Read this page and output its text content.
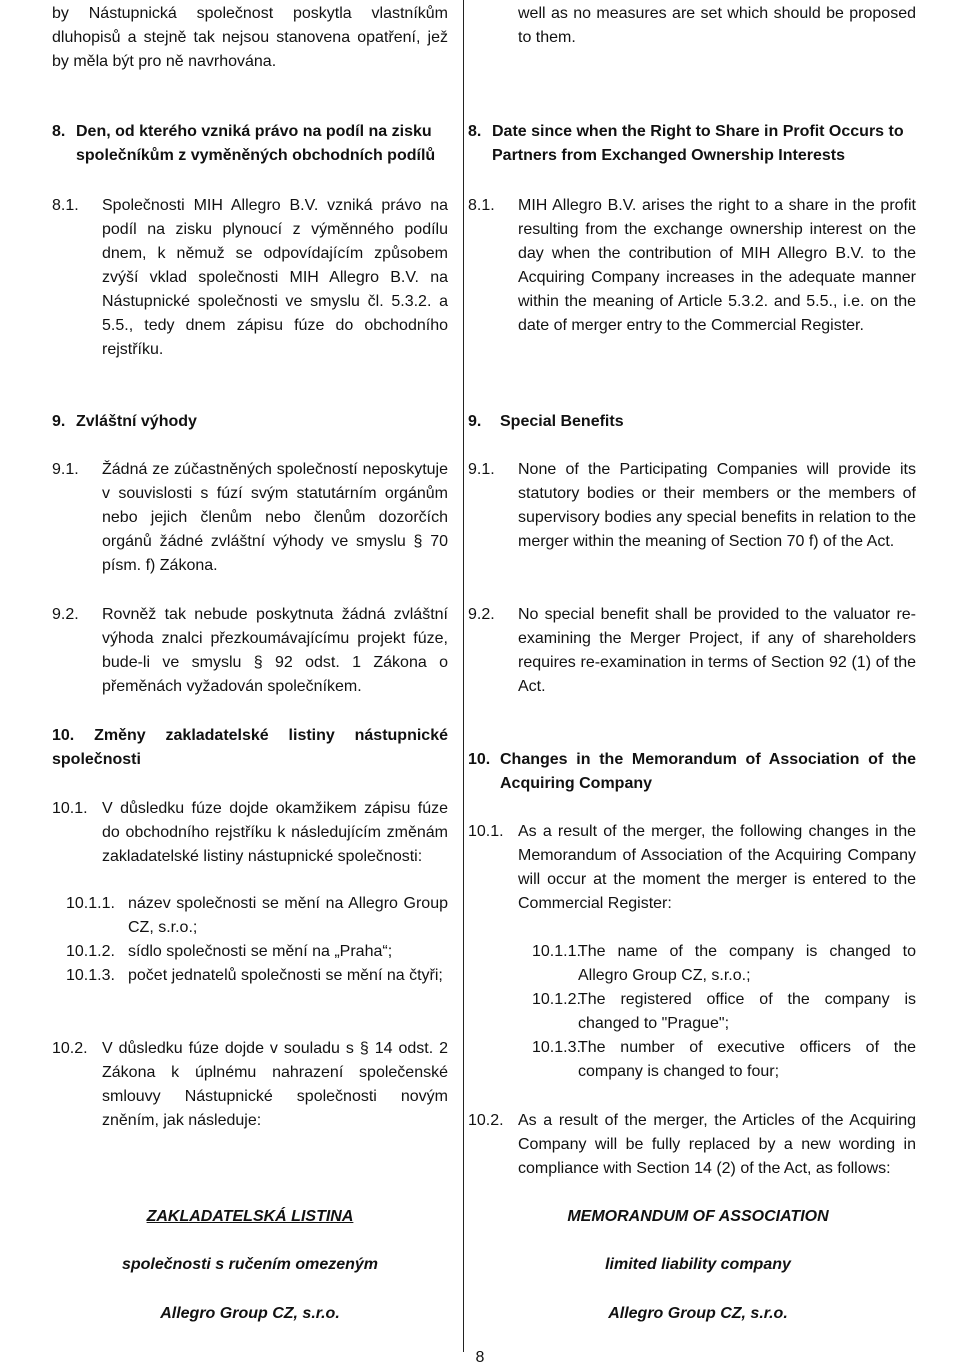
by Nástupnická společnost poskytla vlastníkům dluhopisů a stejně tak nejsou stanovena opatření, jež by měla být pro ně navrhována.

8. Den, od kterého vzniká právo na podíl na zisku společníkům z vyměněných obchodních podílů
8.1.	Společnosti MIH Allegro B.V. vzniká právo na podíl na zisku plynoucí z výměnného podílu dnem, k němuž se odpovídajícím způsobem zvýší vklad společnosti MIH Allegro B.V. na Nástupnické společnosti ve smyslu čl. 5.3.2. a 5.5., tedy dnem zápisu fúze do obchodního rejstříku.
9. Zvláštní výhody
9.1.	Žádná ze zúčastněných společností neposkytuje v souvislosti s fúzí svým statutárním orgánům nebo jejich členům nebo členům dozorčích orgánů žádné zvláštní výhody ve smyslu § 70 písm. f) Zákona.
9.2.	Rovněž tak nebude poskytnuta žádná zvláštní výhoda znalci přezkoumávajícímu projekt fúze, bude-li ve smyslu § 92 odst. 1 Zákona o přeměnách vyžadován společníkem.
10. Změny zakladatelské listiny nástupnické společnosti
10.1. V důsledku fúze dojde okamžikem zápisu fúze do obchodního rejstříku k následujícím změnám zakladatelské listiny nástupnické společnosti:
10.1.1. název společnosti se mění na Allegro Group CZ, s.r.o.;
10.1.2. sídlo společnosti se mění na „Praha“;
10.1.3. počet jednatelů společnosti se mění na čtyři;
10.2. V důsledku fúze dojde v souladu s § 14 odst. 2 Zákona k úplnému nahrazení společenské smlouvy Nástupnické společnosti novým zněním, jak následuje:
ZAKLADATELSKÁ LISTINA
společnosti s ručením omezeným
Allegro Group CZ, s.r.o.

well as no measures are set which should be proposed to them.

8. Date since when the Right to Share in Profit Occurs to Partners from Exchanged Ownership Interests
8.1.	MIH Allegro B.V. arises the right to a share in the profit resulting from the exchange ownership interest on the day when the contribution of MIH Allegro B.V. to the Acquiring Company increases in the adequate manner within the meaning of Article 5.3.2. and 5.5., i.e. on the date of merger entry to the Commercial Register.
9.	Special Benefits
9.1.	None of the Participating Companies will provide its statutory bodies or their members or the members of supervisory bodies any special benefits in relation to the merger within the meaning of Section 70 f) of the Act.
9.2.	No special benefit shall be provided to the valuator re-examining the Merger Project, if any of shareholders requires re-examination in terms of Section 92 (1) of the Act.
10. Changes in the Memorandum of Association of the Acquiring Company
10.1. As a result of the merger, the following changes in the Memorandum of Association of the Acquiring Company will occur at the moment the merger is entered to the Commercial Register:
10.1.1.
The name of the company is changed to Allegro Group CZ, s.r.o.;
10.1.2.
The registered office of the company is changed to "Prague";
10.1.3.
The number of executive officers of the company is changed to four;
10.2. As a result of the merger, the Articles of the Acquiring Company will be fully replaced by a new wording in compliance with Section 14 (2) of the Act, as follows:
MEMORANDUM OF ASSOCIATION
limited liability company
Allegro Group CZ, s.r.o.
8
